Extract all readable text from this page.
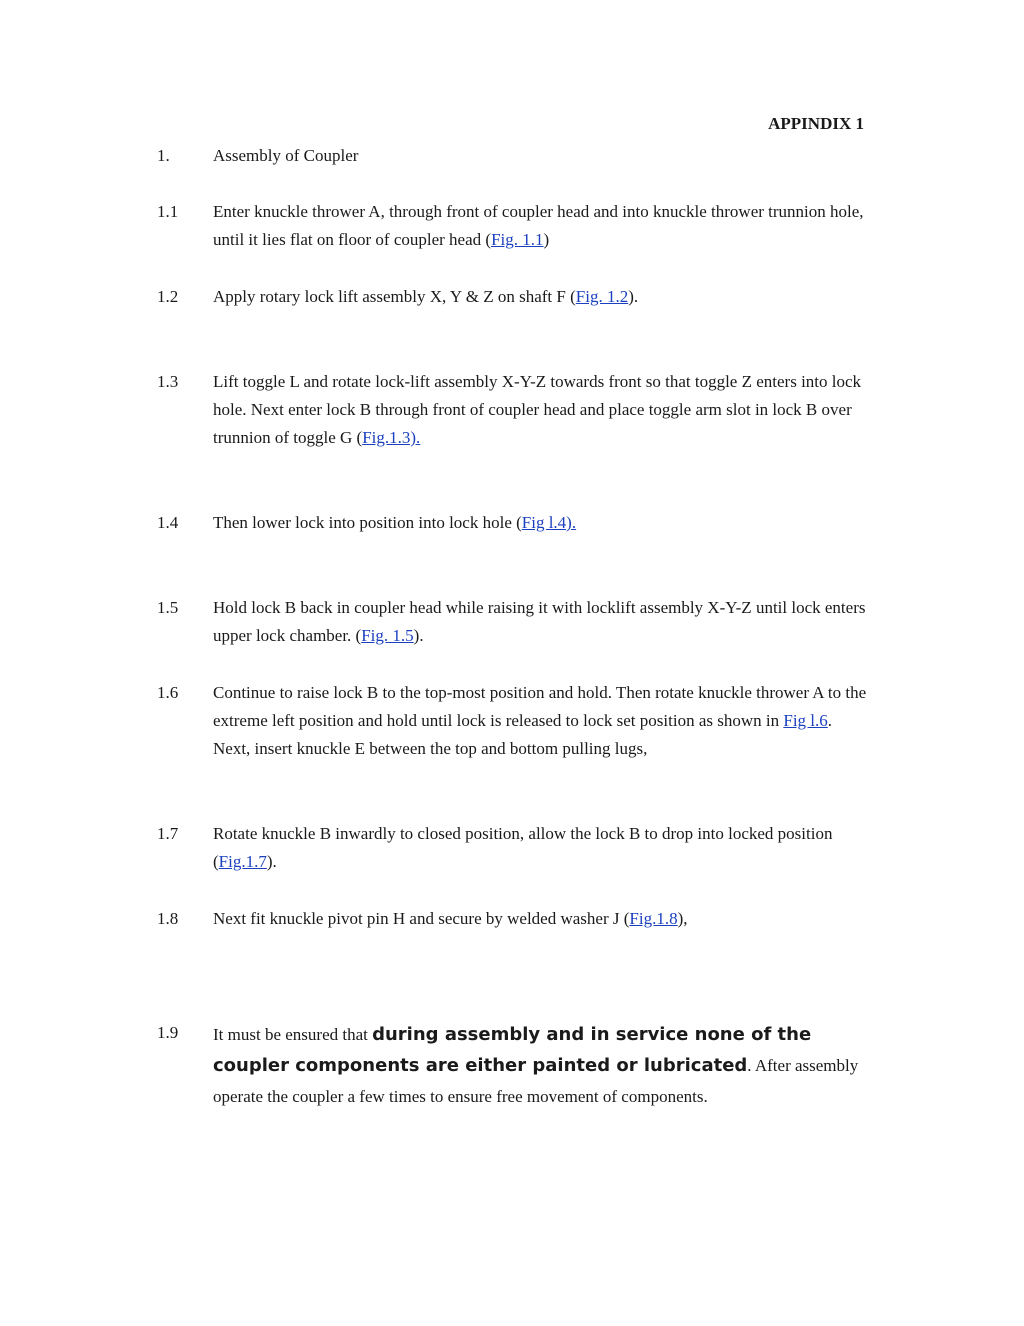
APPINDIX 1
1.	Assembly of Coupler
1.1 Enter knuckle thrower A, through front of coupler head and into knuckle thrower trunnion hole, until it lies flat on floor of coupler head (Fig. 1.1)
1.2 Apply rotary lock lift assembly X, Y & Z on shaft F (Fig. 1.2).
1.3 Lift toggle L and rotate lock-lift assembly X-Y-Z towards front so that toggle Z enters into lock hole. Next enter lock B through front of coupler head and place toggle arm slot in lock B over trunnion of toggle G (Fig.1.3).
1.4 Then lower lock into position into lock hole (Fig l.4).
1.5 Hold lock B back in coupler head while raising it with locklift assembly X-Y-Z until lock enters upper lock chamber. (Fig. 1.5).
1.6 Continue to raise lock B to the top-most position and hold. Then rotate knuckle thrower A to the extreme left position and hold until lock is released to lock set position as shown in Fig l.6. Next, insert knuckle E between the top and bottom pulling lugs,
1.7 Rotate knuckle B inwardly to closed position, allow the lock B to drop into locked position (Fig.1.7).
1.8 Next fit knuckle pivot pin H and secure by welded washer J (Fig.1.8),
1.9 It must be ensured that during assembly and in service none of the coupler components are either painted or lubricated. After assembly operate the coupler a few times to ensure free movement of components.
